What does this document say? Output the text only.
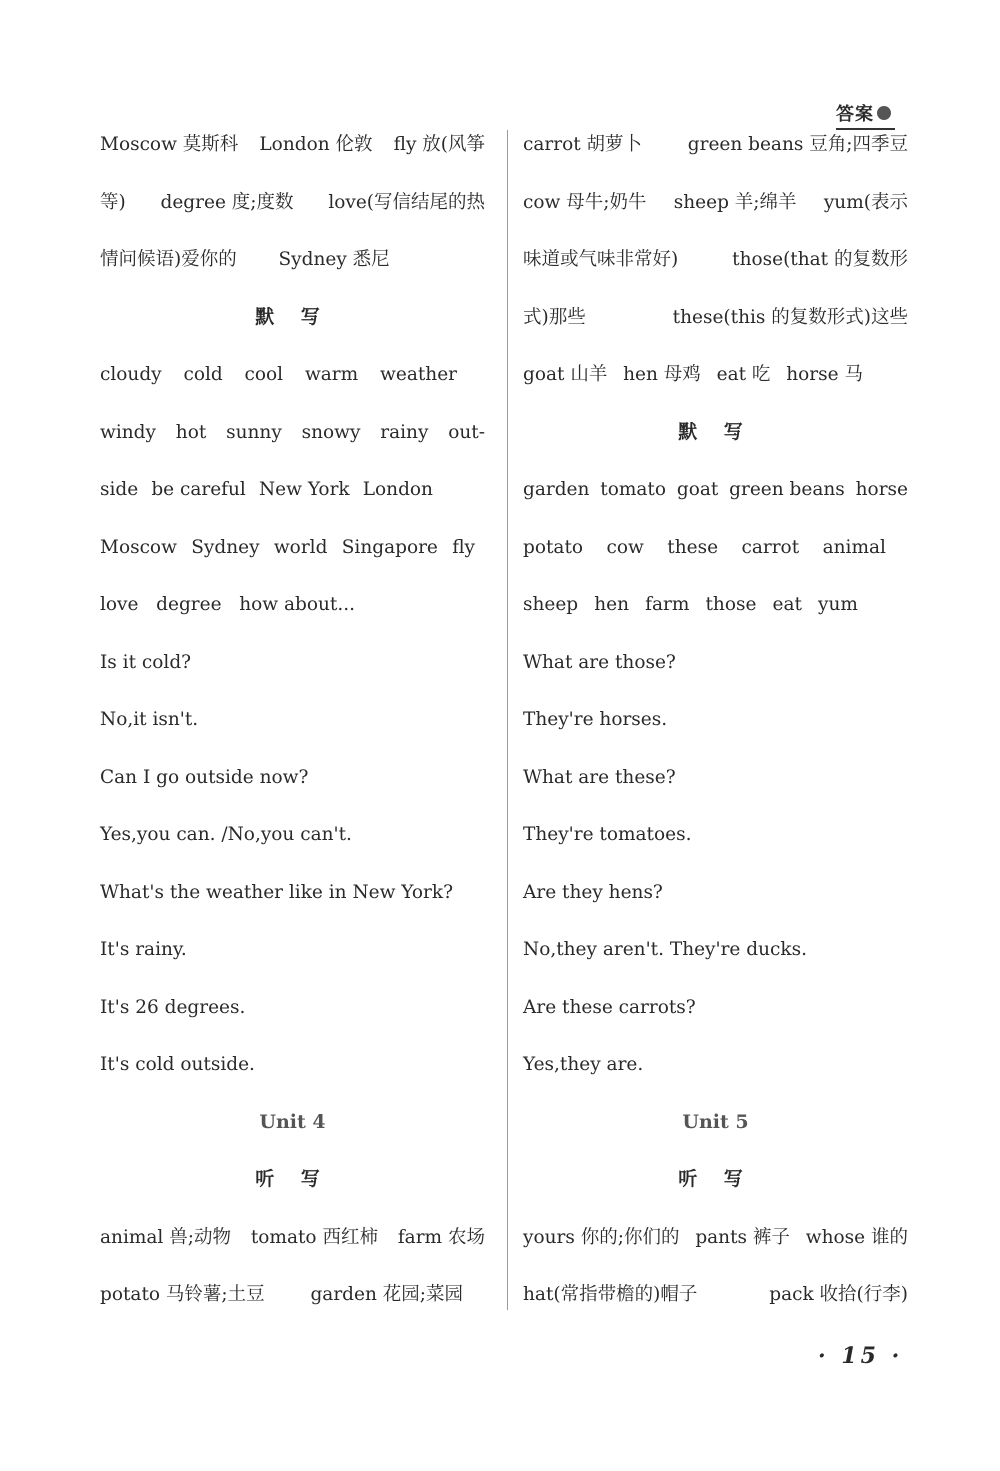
答案
Moscow 莫斯科 London 伦敦 fly 放(风筝
等) degree 度;度数 love(写信结尾的热
情问候语)爱你的 Sydney 悉尼
默 写
cloudy cold cool warm weather
windy hot sunny snowy rainy out-
side be careful New York London
Moscow Sydney world Singapore fly
love degree how about...
Is it cold?
No,it isn't.
Can I go outside now?
Yes,you can. /No,you can't.
What's the weather like in New York?
It's rainy.
It's 26 degrees.
It's cold outside.
Unit 4
听 写
animal 兽;动物 tomato 西红柿 farm 农场
potato 马铃薯;土豆 garden 花园;菜园
carrot 胡萝卜 green beans 豆角;四季豆
cow 母牛;奶牛 sheep 羊;绵羊 yum(表示
味道或气味非常好)	those(that 的复数形
式)那些	these(this 的复数形式)这些
goat 山羊 hen 母鸡 eat 吃 horse 马
默 写
garden tomato goat green beans horse
potato cow these carrot animal
sheep hen farm those eat yum
What are those?
They're horses.
What are these?
They're tomatoes.
Are they hens?
No,they aren't. They're ducks.
Are these carrots?
Yes,they are.
Unit 5
听 写
yours 你的;你们的 pants 裤子 whose 谁的
hat(常指带檐的)帽子	pack 收拾(行李)
· 15 ·
